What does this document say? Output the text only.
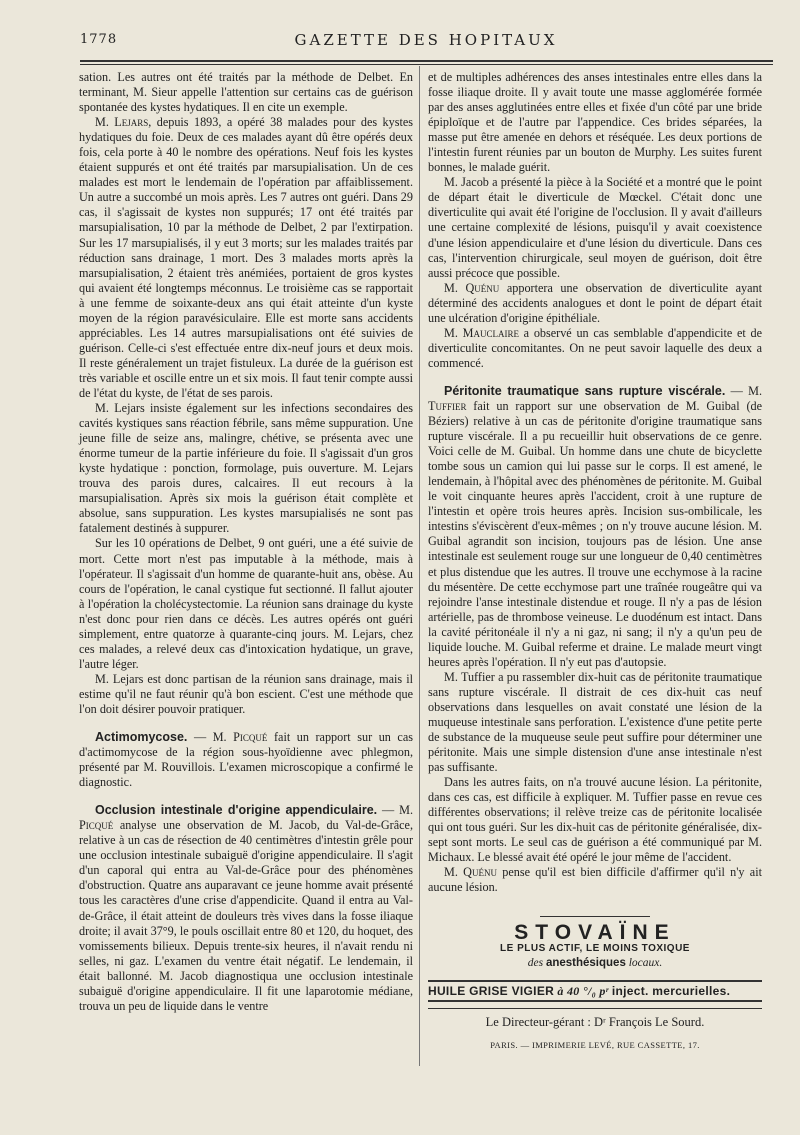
1778	GAZETTE DES HOPITAUX

sation. Les autres ont été traités par la méthode de Delbet. En terminant, M. Sieur appelle l'attention sur certains cas de guérison spontanée des kystes hydatiques. Il en cite un exemple.

M. Lejars, depuis 1893, a opéré 38 malades pour des kystes hydatiques du foie. Deux de ces malades ayant dû être opérés deux fois, cela porte à 40 le nombre des opérations. Neuf fois les kystes étaient suppurés et ont été traités par marsupialisation. Un de ces malades est mort le lendemain de l'opération par affaiblissement. Un autre a succombé un mois après. Les 7 autres ont guéri. Dans 29 cas, il s'agissait de kystes non suppurés; 17 ont été traités par marsupialisation, 10 par la méthode de Delbet, 2 par l'extirpation. Sur les 17 marsupialisés, il y eut 3 morts; sur les malades traités par réduction sans drainage, 1 mort. Des 3 malades morts après la marsupialisation, 2 étaient très anémiées, portaient de gros kystes qui avaient été longtemps méconnus. Le troisième cas se rapportait à une femme de soixante-deux ans qui était atteinte d'un kyste moyen de la région paravésiculaire. Elle est morte sans accidents appréciables. Les 14 autres marsupialisations ont été suivies de guérison. Celle-ci s'est effectuée entre dix-neuf jours et deux mois. Il reste généralement un trajet fistuleux. La durée de la guérison est très variable et oscille entre un et six mois. Il faut tenir compte aussi de l'état du kyste, de l'état de ses parois.

M. Lejars insiste également sur les infections secondaires des cavités kystiques sans réaction fébrile, sans même suppuration. Une jeune fille de seize ans, malingre, chétive, se présenta avec une énorme tumeur de la partie inférieure du foie. Il s'agissait d'un gros kyste hydatique : ponction, formolage, puis ouverture. M. Lejars trouva des parois dures, calcaires. Il eut recours à la marsupialisation. Après six mois la guérison était complète et absolue, sans suppuration. Les kystes marsupialisés ne sont pas fatalement destinés à suppurer.

Sur les 10 opérations de Delbet, 9 ont guéri, une a été suivie de mort. Cette mort n'est pas imputable à la méthode, mais à l'opérateur. Il s'agissait d'un homme de quarante-huit ans, obèse. Au cours de l'opération, le canal cystique fut sectionné. Il fallut ajouter à l'opération la cholécystectomie. La réunion sans drainage du kyste n'est donc pour rien dans ce décès. Les autres opérés ont guéri simplement, entre quatorze à quarante-cinq jours. M. Lejars, chez ces malades, a relevé deux cas d'intoxication hydatique, un grave, l'autre léger.

M. Lejars est donc partisan de la réunion sans drainage, mais il estime qu'il ne faut réunir qu'à bon escient. C'est une méthode que l'on doit désirer pouvoir pratiquer.

Actimomycose. — M. Picqué fait un rapport sur un cas d'actimomycose de la région sous-hyoïdienne avec phlegmon, présenté par M. Rouvillois. L'examen microscopique a confirmé le diagnostic.

Occlusion intestinale d'origine appendiculaire. — M. Picqué analyse une observation de M. Jacob, du Val-de-Grâce, relative à un cas de résection de 40 centimètres d'intestin grêle pour une occlusion intestinale subaiguë d'origine appendiculaire. Il s'agit d'un caporal qui entra au Val-de-Grâce pour des phénomènes d'obstruction. Quatre ans auparavant ce jeune homme avait présenté tous les caractères d'une crise d'appendicite. Quand il entra au Val-de-Grâce, il était atteint de douleurs très vives dans la fosse iliaque droite; il avait 37°9, le pouls oscillait entre 80 et 120, du hoquet, des vomissements bilieux. Depuis trente-six heures, il n'avait rendu ni selles, ni gaz. L'examen du ventre était négatif. Le lendemain, il était ballonné. M. Jacob diagnostiqua une occlusion intestinale subaiguë d'origine appendiculaire. Il fit une laparotomie médiane, trouva un peu de liquide dans le ventre

et de multiples adhérences des anses intestinales entre elles dans la fosse iliaque droite. Il y avait toute une masse agglomérée formée par des anses agglutinées entre elles et fixée d'un côté par une bride épiploïque et de l'autre par l'appendice. Ces brides séparées, la masse put être amenée en dehors et réséquée. Les deux portions de l'intestin furent réunies par un bouton de Murphy. Les suites furent bonnes, le malade guérit.

M. Jacob a présenté la pièce à la Société et a montré que le point de départ était le diverticule de Mœckel. C'était donc une diverticulite qui avait été l'origine de l'occlusion. Il y avait d'ailleurs une certaine complexité de lésions, puisqu'il y avait coexistence d'une lésion appendiculaire et d'une lésion du diverticule. Dans ces cas, l'intervention chirurgicale, seul moyen de guérison, doit être aussi précoce que possible.

M. Quénu apportera une observation de diverticulite ayant déterminé des accidents analogues et dont le point de départ était une ulcération d'origine épithéliale.

M. Mauclaire a observé un cas semblable d'appendicite et de diverticulite concomitantes. On ne peut savoir laquelle des deux a commencé.

Péritonite traumatique sans rupture viscérale. — M. Tuffier fait un rapport sur une observation de M. Guibal (de Béziers) relative à un cas de péritonite d'origine traumatique sans rupture viscérale. Il a pu recueillir huit observations de ce genre. Voici celle de M. Guibal. Un homme dans une chute de bicyclette tombe sous un camion qui lui passe sur le corps. Il est amené, le lendemain, à l'hôpital avec des phénomènes de péritonite. M. Guibal le voit cinquante heures après l'accident, croit à une rupture de l'intestin et opère trois heures après. Incision sus-ombilicale, les intestins s'éviscèrent d'eux-mêmes ; on n'y trouve aucune lésion. M. Guibal agrandit son incision, toujours pas de lésion. Une anse intestinale est seulement rouge sur une longueur de 0,40 centimètres et plus distendue que les autres. Il trouve une ecchymose à la racine du mésentère. De cette ecchymose part une traînée rougeâtre qui va rejoindre l'anse intestinale distendue et rouge. Il n'y a pas de lésion artérielle, pas de thrombose veineuse. Le duodénum est intact. Dans la cavité péritonéale il n'y a ni gaz, ni sang; il n'y a qu'un peu de liquide louche. M. Guibal referme et draine. Le malade meurt vingt heures après l'opération. Il n'y eut pas d'autopsie.

M. Tuffier a pu rassembler dix-huit cas de péritonite traumatique sans rupture viscérale. Il distrait de ces dix-huit cas neuf observations dans lesquelles on avait constaté une lésion de la muqueuse intestinale sans perforation. L'existence d'une petite perte de substance de la muqueuse seule peut suffire pour déterminer une péritonite. Mais une simple distension d'une anse intestinale n'est pas suffisante.

Dans les autres faits, on n'a trouvé aucune lésion. La péritonite, dans ces cas, est difficile à expliquer. M. Tuffier passe en revue ces différentes observations; il relève treize cas de péritonite localisée qui ont tous guéri. Sur les dix-huit cas de péritonite généralisée, dix-sept sont morts. Le seul cas de guérison a été communiqué par M. Michaux. Le blessé avait été opéré le jour même de l'accident.

M. Quénu pense qu'il est bien difficile d'affirmer qu'il n'y ait aucune lésion.

STOVAÏNE
LE PLUS ACTIF, LE MOINS TOXIQUE
des anesthésiques locaux.
HUILE GRISE VIGIER à 40 °/₀ pʳ inject. mercurielles.
Le Directeur-gérant : Dʳ François Le Sourd.
PARIS. — IMPRIMERIE LEVÉ, RUE CASSETTE, 17.
